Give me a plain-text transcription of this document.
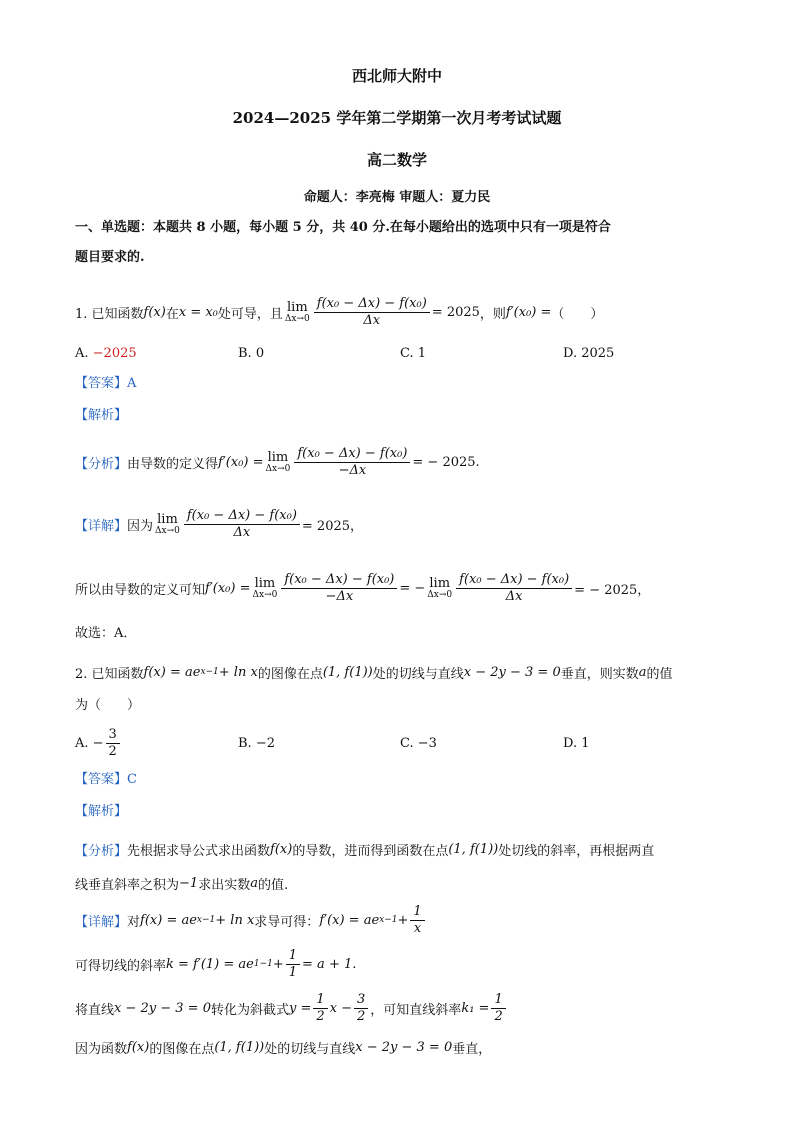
西北师大附中
2024—2025 学年第二学期第一次月考考试试题
高二数学
命题人：李亮梅 审题人：夏力民
一、单选题：本题共 8 小题，每小题 5 分，共 40 分.在每小题给出的选项中只有一项是符合
题目要求的.
1. 已知函数 f(x) 在 x = x₀ 处可导，且 lim
$\Delta x\to 0 \frac{\text{f(x₀ − Δx) − f(x₀)}}{\Delta x} = 2025$ ，则 f′(x₀) = （　　）
A. −2025	B. 0	C. 1	D. 2025
【答案】A
【解析】
【分析】 由导数的定义得 f′(x₀) = lim
$\Delta x\to 0 \frac{\text{f(x₀ − Δx) − f(x₀)}}{-\Delta x}$ = − 2025.
【详解】 因为 lim
$\Delta x\to 0 \frac{\text{f(x₀ − Δx) − f(x₀)}}{\Delta x} = 2025$，
所以由导数的定义可知 f′(x₀) = lim
$\Delta x\to 0 \frac{\text{f(x₀ − Δx) − f(x₀)}}{-\Delta x}$ = − lim
$\Delta x\to 0 \frac{\text{f(x₀ − Δx) − f(x₀)}}{\Delta x}$ = − 2025，
故选：A．
2. 已知函数 f(x) = ae x−1 + ln x 的图像在点 (1, f(1)) 处的切线与直线 x − 2y − 3 = 0 垂直，则实数 a 的值
为（　　）
A. − $\frac{3}{2}$	B. −2	C. −3	D. 1
【答案】C
【解析】
【分析】 先根据求导公式求出函数 f(x) 的导数，进而得到函数在点 (1, f(1)) 处切线的斜率，再根据两直
线垂直斜率之积为 −1 求出实数 a 的值.
【详解】 对 f(x) = ae x−1 + ln x 求导可得： f′(x) = ae $x-1 + \frac{1}{x}$
可得切线的斜率 k = f′(1) = ae $1-1 + \frac{1}{1} = a + 1$.
将直线 x − 2y − 3 = 0 转化为斜截式 $y = \frac{1}{2}$ $x - \frac{3}{2}$ ，可知直线斜率 $k_1 = \frac{1}{2}$
因为函数 f(x) 的图像在点 (1, f(1)) 处的切线与直线 x − 2y − 3 = 0 垂直，
